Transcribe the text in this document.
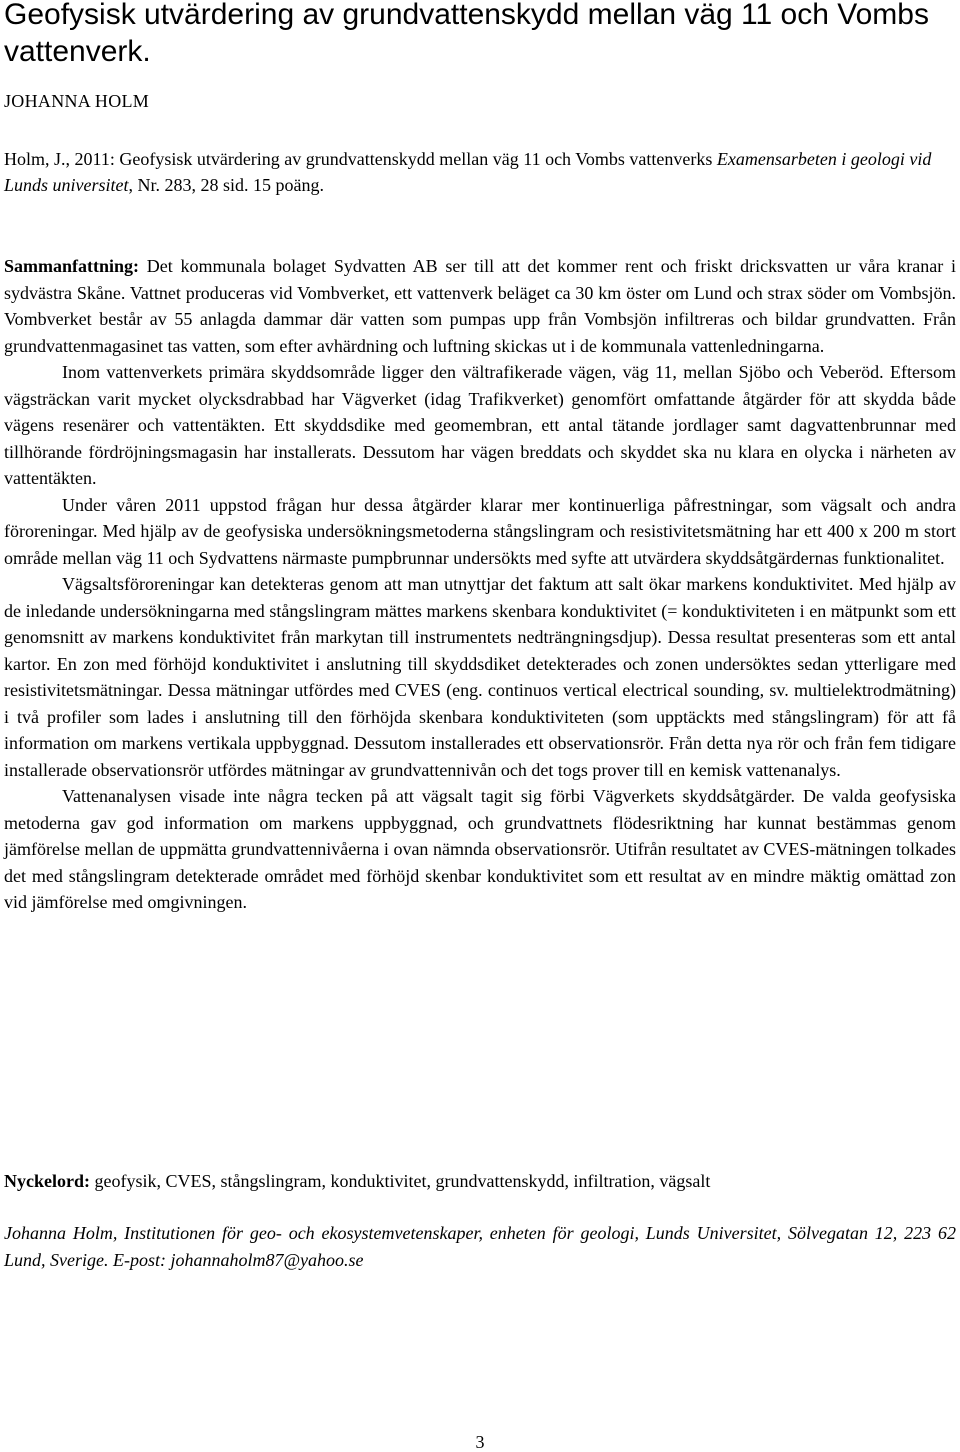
Geofysisk utvärdering av grundvattenskydd mellan väg 11 och Vombs vattenverk.

JOHANNA HOLM

Holm, J., 2011: Geofysisk utvärdering av grundvattenskydd mellan väg 11 och Vombs vattenverks Examensarbeten i geologi vid Lunds universitet, Nr. 283, 28 sid. 15 poäng.

Sammanfattning: Det kommunala bolaget Sydvatten AB ser till att det kommer rent och friskt dricksvatten ur våra kranar i sydvästra Skåne. Vattnet produceras vid Vombverket, ett vattenverk beläget ca 30 km öster om Lund och strax söder om Vombsjön. Vombverket består av 55 anlagda dammar där vatten som pumpas upp från Vombsjön infiltreras och bildar grundvatten. Från grundvattenmagasinet tas vatten, som efter avhärdning och luftning skickas ut i de kommunala vattenledningarna.

Inom vattenverkets primära skyddsområde ligger den vältrafikerade vägen, väg 11, mellan Sjöbo och Veberöd. Eftersom vägsträckan varit mycket olycksdrabbad har Vägverket (idag Trafikverket) genomfört omfattande åtgärder för att skydda både vägens resenärer och vattentäkten. Ett skyddsdike med geomembran, ett antal tätande jordlager samt dagvattenbrunnar med tillhörande fördröjningsmagasin har installerats. Dessutom har vägen breddats och skyddet ska nu klara en olycka i närheten av vattentäkten.

Under våren 2011 uppstod frågan hur dessa åtgärder klarar mer kontinuerliga påfrestningar, som vägsalt och andra föroreningar. Med hjälp av de geofysiska undersökningsmetoderna stångslingram och resistivitetsmätning har ett 400 x 200 m stort område mellan väg 11 och Sydvattens närmaste pumpbrunnar undersökts med syfte att utvärdera skyddsåtgärdernas funktionalitet.

Vägsaltsföroreningar kan detekteras genom att man utnyttjar det faktum att salt ökar markens konduktivitet. Med hjälp av de inledande undersökningarna med stångslingram mättes markens skenbara konduktivitet (= konduktiviteten i en mätpunkt som ett genomsnitt av markens konduktivitet från markytan till instrumentets nedträngningsdjup). Dessa resultat presenteras som ett antal kartor. En zon med förhöjd konduktivitet i anslutning till skyddsdiket detekterades och zonen undersöktes sedan ytterligare med resistivitetsmätningar. Dessa mätningar utfördes med CVES (eng. continuos vertical electrical sounding, sv. multielektrodmätning) i två profiler som lades i anslutning till den förhöjda skenbara konduktiviteten (som upptäckts med stångslingram) för att få information om markens vertikala uppbyggnad. Dessutom installerades ett observationsrör. Från detta nya rör och från fem tidigare installerade observationsrör utfördes mätningar av grundvattennivån och det togs prover till en kemisk vattenanalys.

Vattenanalysen visade inte några tecken på att vägsalt tagit sig förbi Vägverkets skyddsåtgärder. De valda geofysiska metoderna gav god information om markens uppbyggnad, och grundvattnets flödesriktning har kunnat bestämmas genom jämförelse mellan de uppmätta grundvattennivåerna i ovan nämnda observationsrör. Utifrån resultatet av CVES-mätningen tolkades det med stångslingram detekterade området med förhöjd skenbar konduktivitet som ett resultat av en mindre mäktig omättad zon vid jämförelse med omgivningen.

Nyckelord: geofysik, CVES, stångslingram, konduktivitet, grundvattenskydd, infiltration, vägsalt

Johanna Holm, Institutionen för geo- och ekosystemvetenskaper, enheten för geologi, Lunds Universitet, Sölvegatan 12, 223 62 Lund, Sverige. E-post: johannaholm87@yahoo.se

3
